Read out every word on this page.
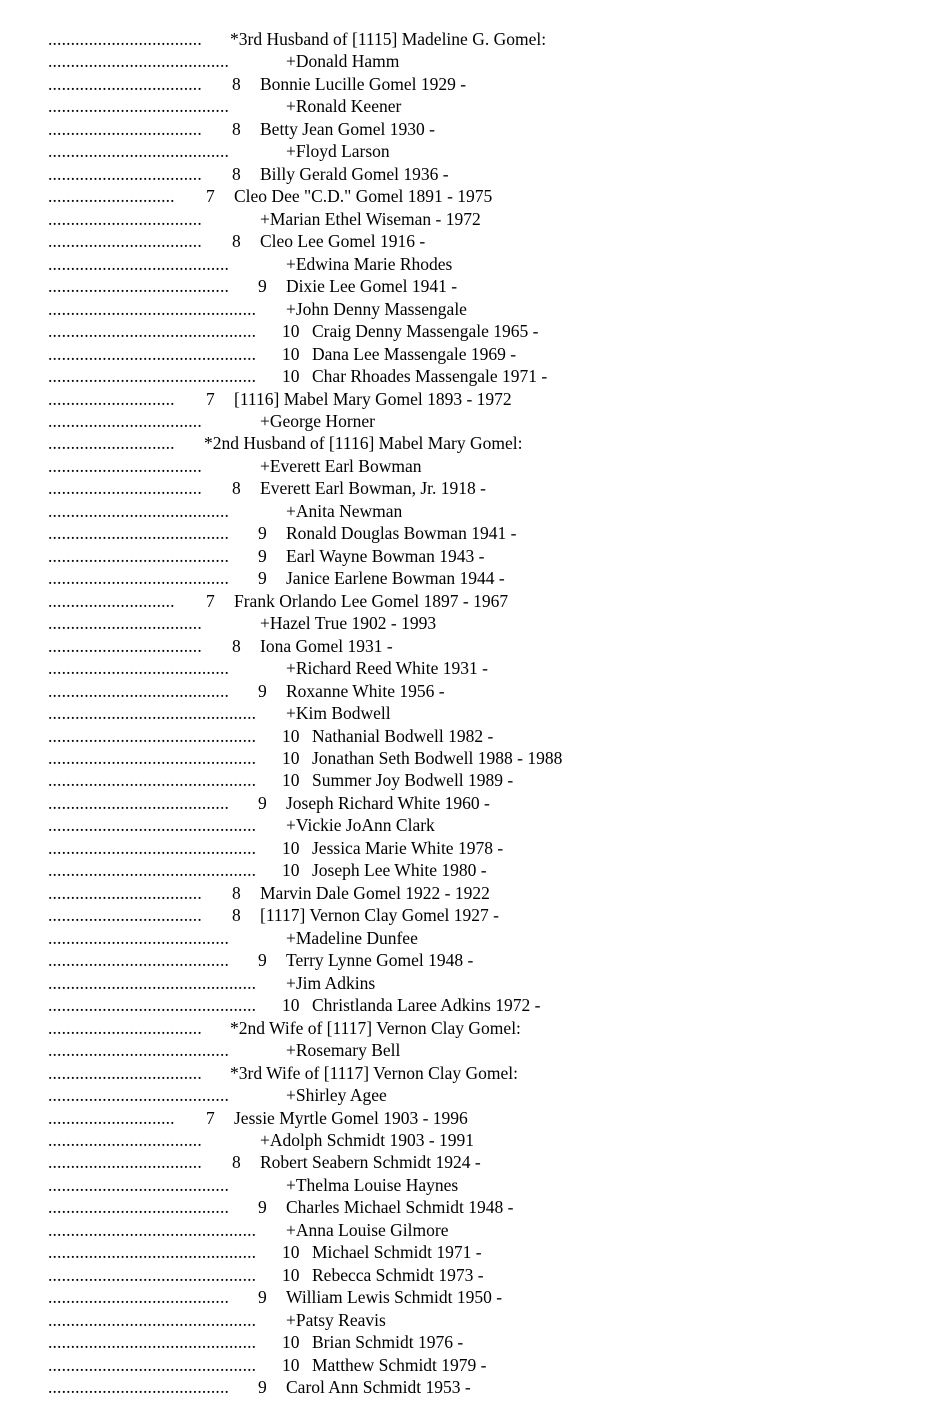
.................................. *3rd Husband of [1115] Madeline G. Gomel:
........................................	+Donald Hamm
.................................. 8 Bonnie Lucille Gomel 1929 -
........................................	+Ronald Keener
.................................. 8 Betty Jean Gomel 1930 -
........................................	+Floyd Larson
.................................. 8 Billy Gerald Gomel 1936 -
............................ 7 Cleo Dee "C.D." Gomel 1891 - 1975
..................................	+Marian Ethel Wiseman - 1972
.................................. 8 Cleo Lee Gomel 1916 -
........................................	+Edwina Marie Rhodes
........................................ 9 Dixie Lee Gomel 1941 -
.............................................. +John Denny Massengale
.............................................. 10 Craig Denny Massengale 1965 -
.............................................. 10 Dana Lee Massengale 1969 -
.............................................. 10 Char Rhoades Massengale 1971 -
............................ 7 [1116] Mabel Mary Gomel 1893 - 1972
..................................	+George Horner
............................ *2nd Husband of [1116] Mabel Mary Gomel:
..................................	+Everett Earl Bowman
.................................. 8 Everett Earl Bowman, Jr. 1918 -
........................................	+Anita Newman
........................................ 9 Ronald Douglas Bowman 1941 -
........................................ 9 Earl Wayne Bowman 1943 -
........................................ 9 Janice Earlene Bowman 1944 -
............................ 7 Frank Orlando Lee Gomel 1897 - 1967
..................................	+Hazel True 1902 - 1993
.................................. 8 Iona Gomel 1931 -
........................................	+Richard Reed White 1931 -
........................................ 9 Roxanne White 1956 -
.............................................. +Kim Bodwell
.............................................. 10 Nathanial Bodwell 1982 -
.............................................. 10 Jonathan Seth Bodwell 1988 - 1988
.............................................. 10 Summer Joy Bodwell 1989 -
........................................ 9 Joseph Richard White 1960 -
.............................................. +Vickie JoAnn Clark
.............................................. 10 Jessica Marie White 1978 -
.............................................. 10 Joseph Lee White 1980 -
.................................. 8 Marvin Dale Gomel 1922 - 1922
.................................. 8 [1117] Vernon Clay Gomel 1927 -
........................................	+Madeline Dunfee
........................................ 9 Terry Lynne Gomel 1948 -
.............................................. +Jim Adkins
.............................................. 10 Christlanda Laree Adkins 1972 -
.................................. *2nd Wife of [1117] Vernon Clay Gomel:
........................................	+Rosemary Bell
.................................. *3rd Wife of [1117] Vernon Clay Gomel:
........................................	+Shirley Agee
............................ 7 Jessie Myrtle Gomel 1903 - 1996
..................................	+Adolph Schmidt 1903 - 1991
.................................. 8 Robert Seabern Schmidt 1924 -
........................................	+Thelma Louise Haynes
........................................ 9 Charles Michael Schmidt 1948 -
.............................................. +Anna Louise Gilmore
.............................................. 10 Michael Schmidt 1971 -
.............................................. 10 Rebecca Schmidt 1973 -
........................................ 9 William Lewis Schmidt 1950 -
.............................................. +Patsy Reavis
.............................................. 10 Brian Schmidt 1976 -
.............................................. 10 Matthew Schmidt 1979 -
........................................ 9 Carol Ann Schmidt 1953 -
